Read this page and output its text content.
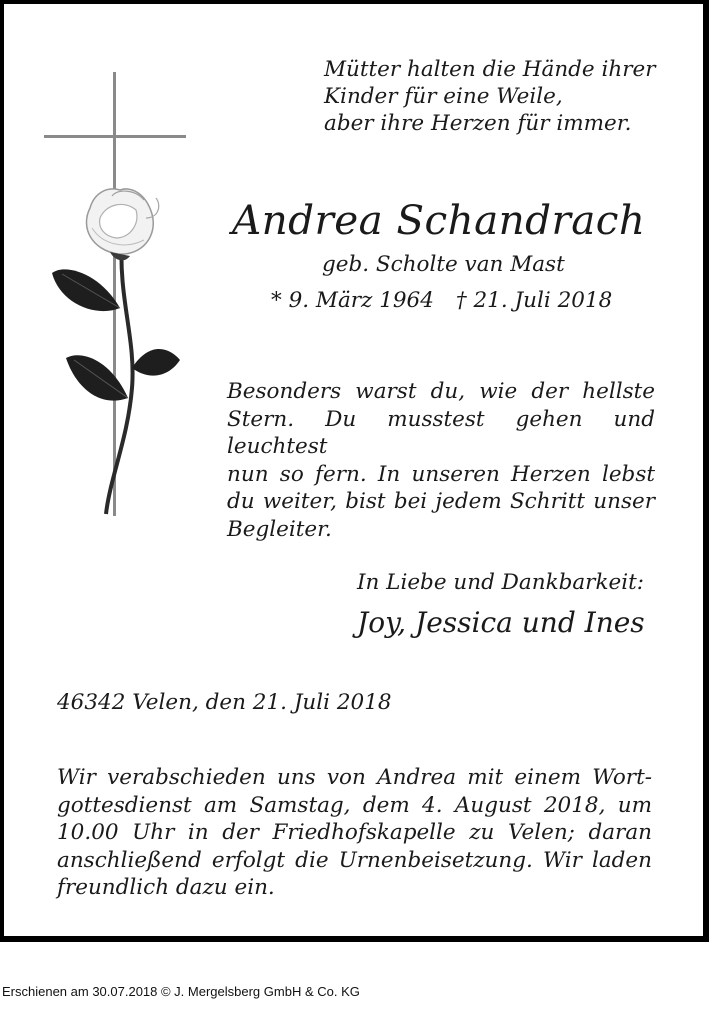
Mütter halten die Hände ihrer
Kinder für eine Weile,
aber ihre Herzen für immer.
Andrea Schandrach
geb. Scholte van Mast
* 9. März 1964 † 21. Juli 2018
Besonders warst du, wie der hellste
Stern. Du musstest gehen und leuchtest
nun so fern. In unseren Herzen lebst
du weiter, bist bei jedem Schritt unser
Begleiter.
In Liebe und Dankbarkeit:
Joy, Jessica und Ines
46342 Velen, den 21. Juli 2018
Wir verabschieden uns von Andrea mit einem Wort-
gottesdienst am Samstag, dem 4. August 2018, um
10.00 Uhr in der Friedhofskapelle zu Velen; daran
anschließend erfolgt die Urnenbeisetzung. Wir laden
freundlich dazu ein.
Erschienen am 30.07.2018 © J. Mergelsberg GmbH & Co. KG
